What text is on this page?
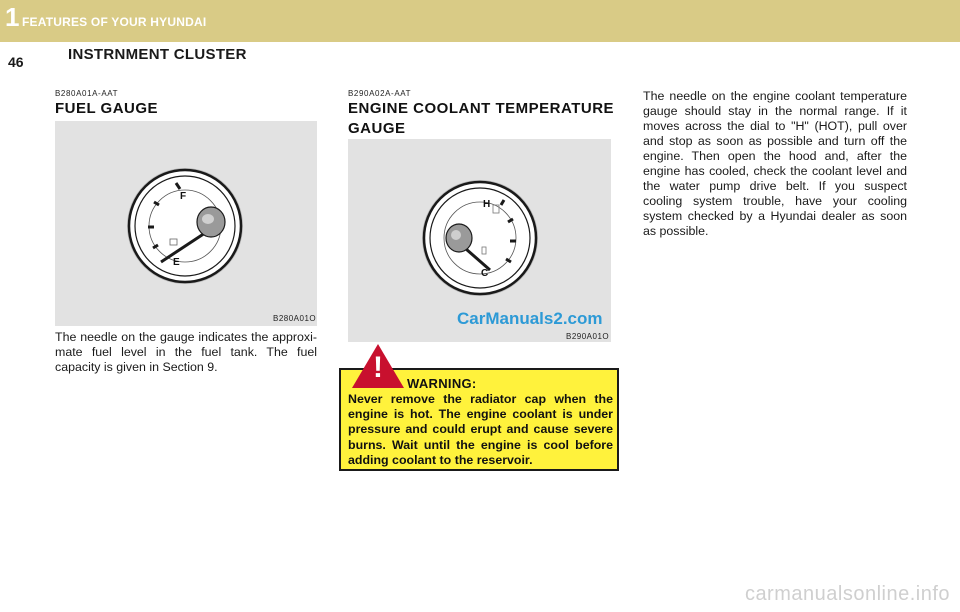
1 FEATURES OF YOUR HYUNDAI
46	INSTRNMENT CLUSTER
B280A01A-AAT
FUEL GAUGE
F
E
B280A01O
The needle on the gauge indicates the approxi-mate fuel level in the fuel tank. The fuel capacity is given in Section 9.
B290A02A-AAT
ENGINE COOLANT TEMPERATURE
GAUGE
H
C
CarManuals2.com
B290A01O
!	WARNING:
Never remove the radiator cap when the engine is hot. The engine coolant is under pressure and could erupt and cause severe burns. Wait until the engine is cool before adding coolant to the reservoir.
The needle on the engine coolant temperature gauge should stay in the normal range. If it moves across the dial to "H" (HOT), pull over and stop as soon as possible and turn off the engine. Then open the hood and, after the engine has cooled, check the coolant level and the water pump drive belt. If you suspect cooling system trouble, have your cooling system checked by a Hyundai dealer as soon as possible.
carmanualsonline.info
